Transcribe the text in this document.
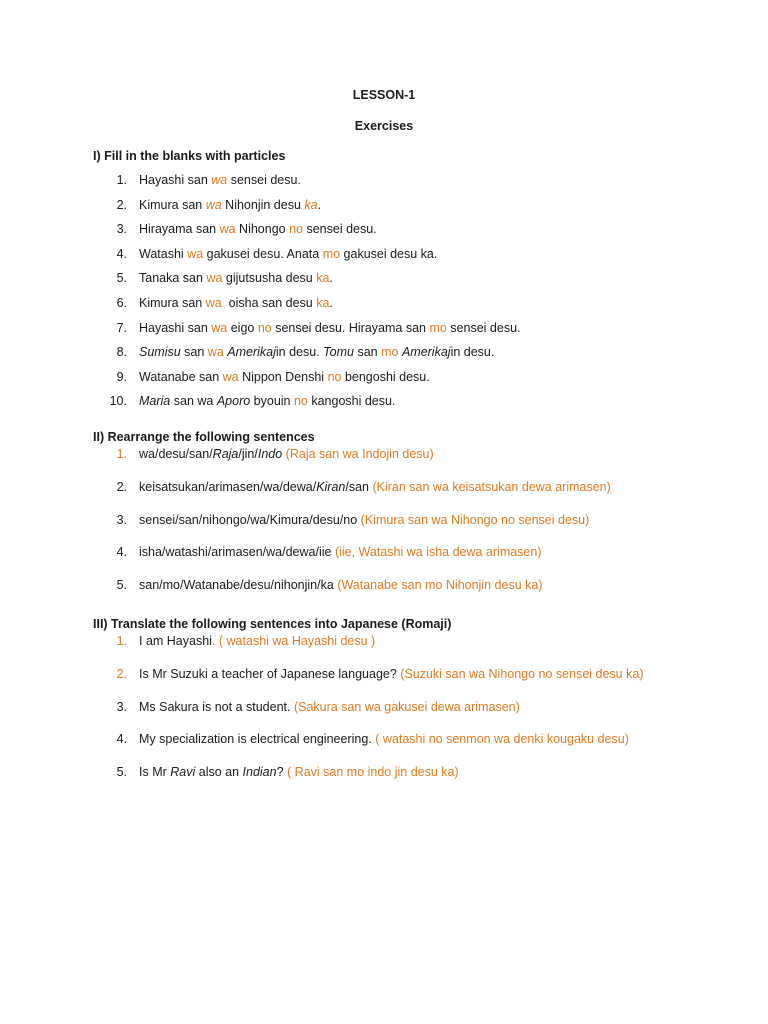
LESSON-1
Exercises
I) Fill in the blanks with particles
1. Hayashi san wa sensei desu.
2. Kimura san wa Nihonjin desu ka.
3. Hirayama san wa Nihongo no sensei desu.
4. Watashi wa gakusei desu. Anata mo gakusei desu ka.
5. Tanaka san wa gijutsusha desu ka.
6. Kimura san wa  oisha san desu ka.
7. Hayashi san wa eigo no sensei desu. Hirayama san mo sensei desu.
8. Sumisu san wa Amerikajin desu. Tomu san mo Amerikajin desu.
9. Watanabe san wa Nippon Denshi no bengoshi desu.
10. Maria san wa Aporo byouin no kangoshi desu.
II) Rearrange the following sentences
1. wa/desu/san/Raja/jin/Indo (Raja san wa Indojin desu)
2. keisatsukan/arimasen/wa/dewa/Kiran/san (Kiran san wa keisatsukan dewa arimasen)
3. sensei/san/nihongo/wa/Kimura/desu/no (Kimura san wa Nihongo no sensei desu)
4. isha/watashi/arimasen/wa/dewa/iie (iie, Watashi wa isha dewa arimasen)
5. san/mo/Watanabe/desu/nihonjin/ka (Watanabe san mo Nihonjin desu ka)
III) Translate the following sentences into Japanese (Romaji)
1. I am Hayashi. ( watashi wa Hayashi desu )
2. Is Mr Suzuki a teacher of Japanese language? (Suzuki san wa Nihongo no sensei desu ka)
3. Ms Sakura is not a student. (Sakura san wa gakusei dewa arimasen)
4. My specialization is electrical engineering. ( watashi no senmon wa denki kougaku desu)
5. Is Mr Ravi also an Indian? ( Ravi san mo indo jin desu ka)
